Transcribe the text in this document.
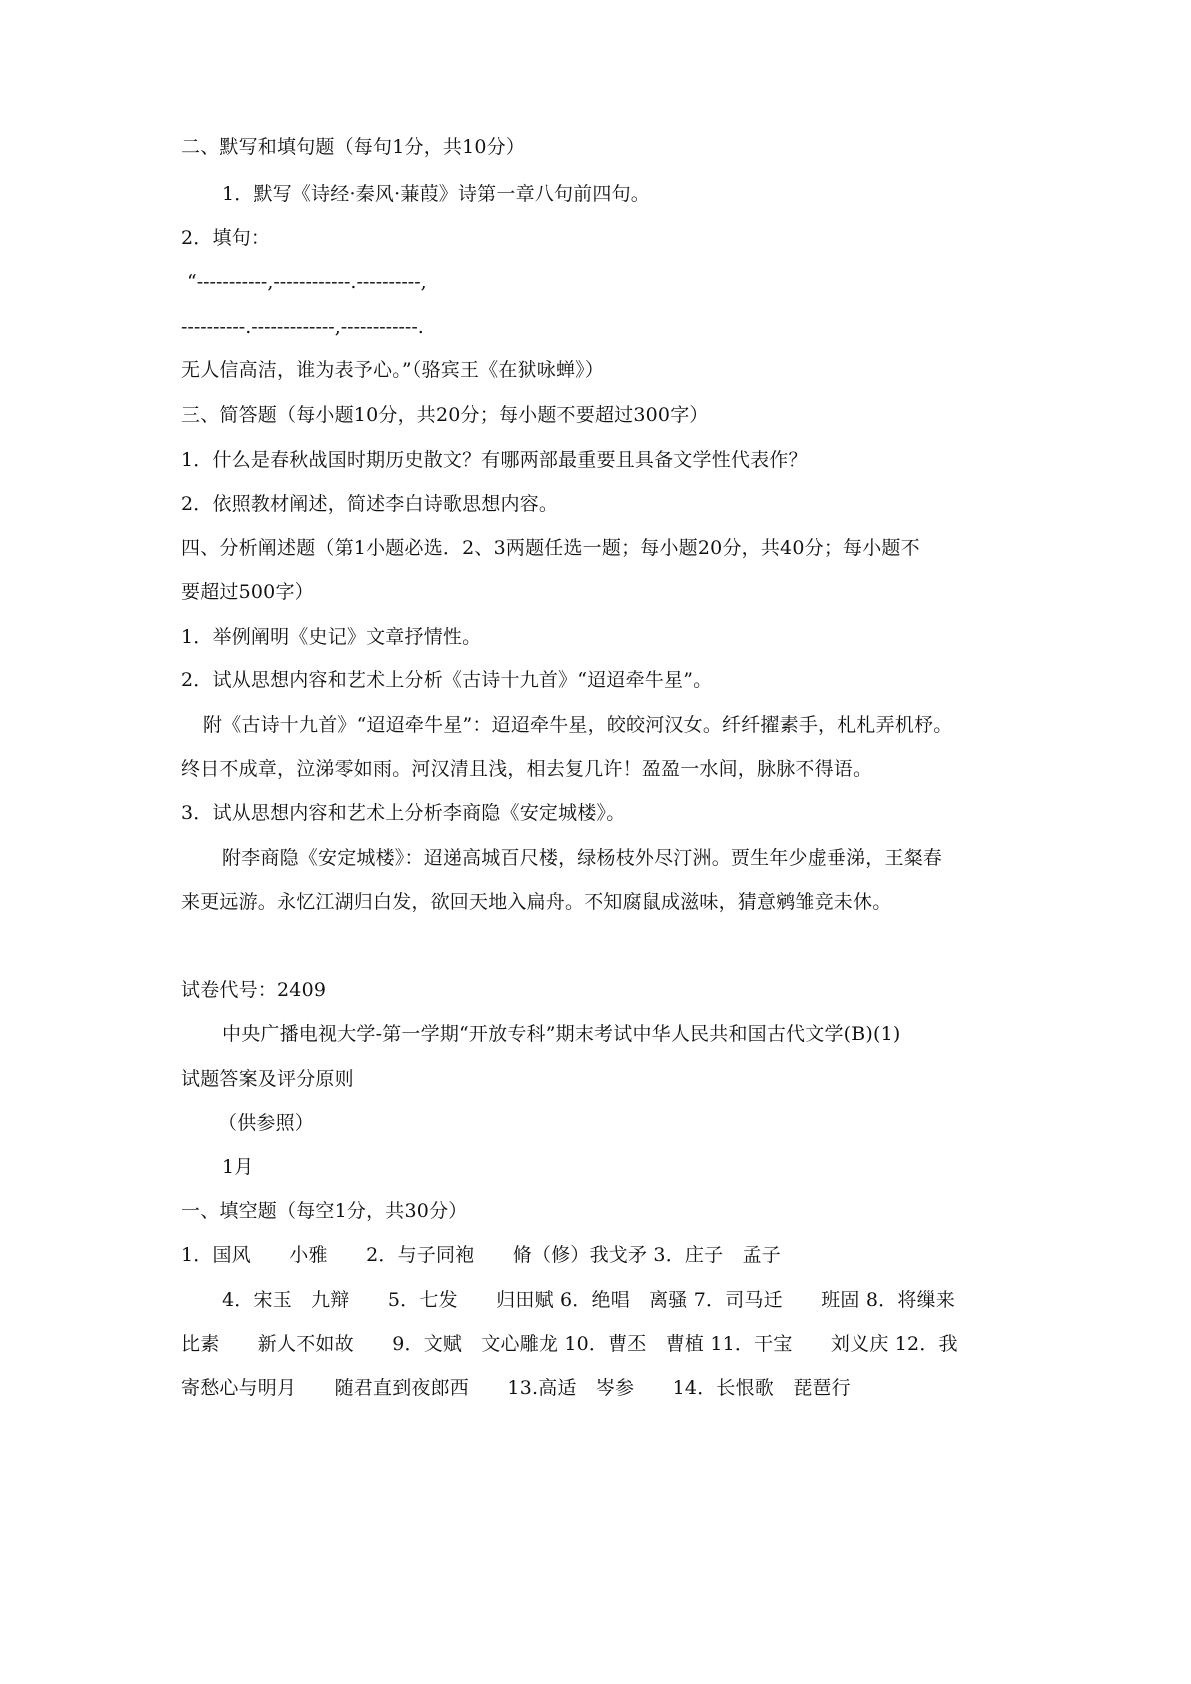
二、默写和填句题（每句1分，共10分）
1．默写《诗经·秦风·蒹葭》诗第一章八句前四句。
2．填句：
“-----------,------------.----------,
----------.-------------,------------.
无人信高洁，谁为表予心。”（骆宾王《在狱咏蝉》）
三、简答题（每小题10分，共20分；每小题不要超过300字）
1．什么是春秋战国时期历史散文？有哪两部最重要且具备文学性代表作？
2．依照教材阐述，简述李白诗歌思想内容。
四、分析阐述题（第1小题必选．2、3两题任选一题；每小题20分，共40分；每小题不
要超过500字）
1．举例阐明《史记》文章抒情性。
2．试从思想内容和艺术上分析《古诗十九首》“迢迢牵牛星”。
附《古诗十九首》“迢迢牵牛星”：迢迢牵牛星，皎皎河汉女。纤纤擢素手，札札弄机杼。
终日不成章，泣涕零如雨。河汉清且浅，相去复几许！盈盈一水间，脉脉不得语。
3．试从思想内容和艺术上分析李商隐《安定城楼》。
附李商隐《安定城楼》：迢递高城百尺楼，绿杨枝外尽汀洲。贾生年少虚垂涕，王粲春
来更远游。永忆江湖归白发，欲回天地入扁舟。不知腐鼠成滋味，猜意鹓雏竞未休。
试卷代号：2409
中央广播电视大学-第一学期“开放专科”期末考试中华人民共和国古代文学(B)(1)
试题答案及评分原则
（供参照）
1月
一、填空题（每空1分，共30分）
1．国风　　小雅　　2．与子同袍　　脩（修）我戈矛 3．庄子　孟子
4．宋玉　九辩　　5．七发　　归田赋 6．绝唱　离骚 7．司马迁　　班固 8．将缫来
比素　　新人不如故　　9．文赋　文心雕龙 10．曹丕　曹植 11．干宝　　刘义庆 12．我
寄愁心与明月　　随君直到夜郎西　　13.高适　岑参　　14．长恨歌　琵琶行
